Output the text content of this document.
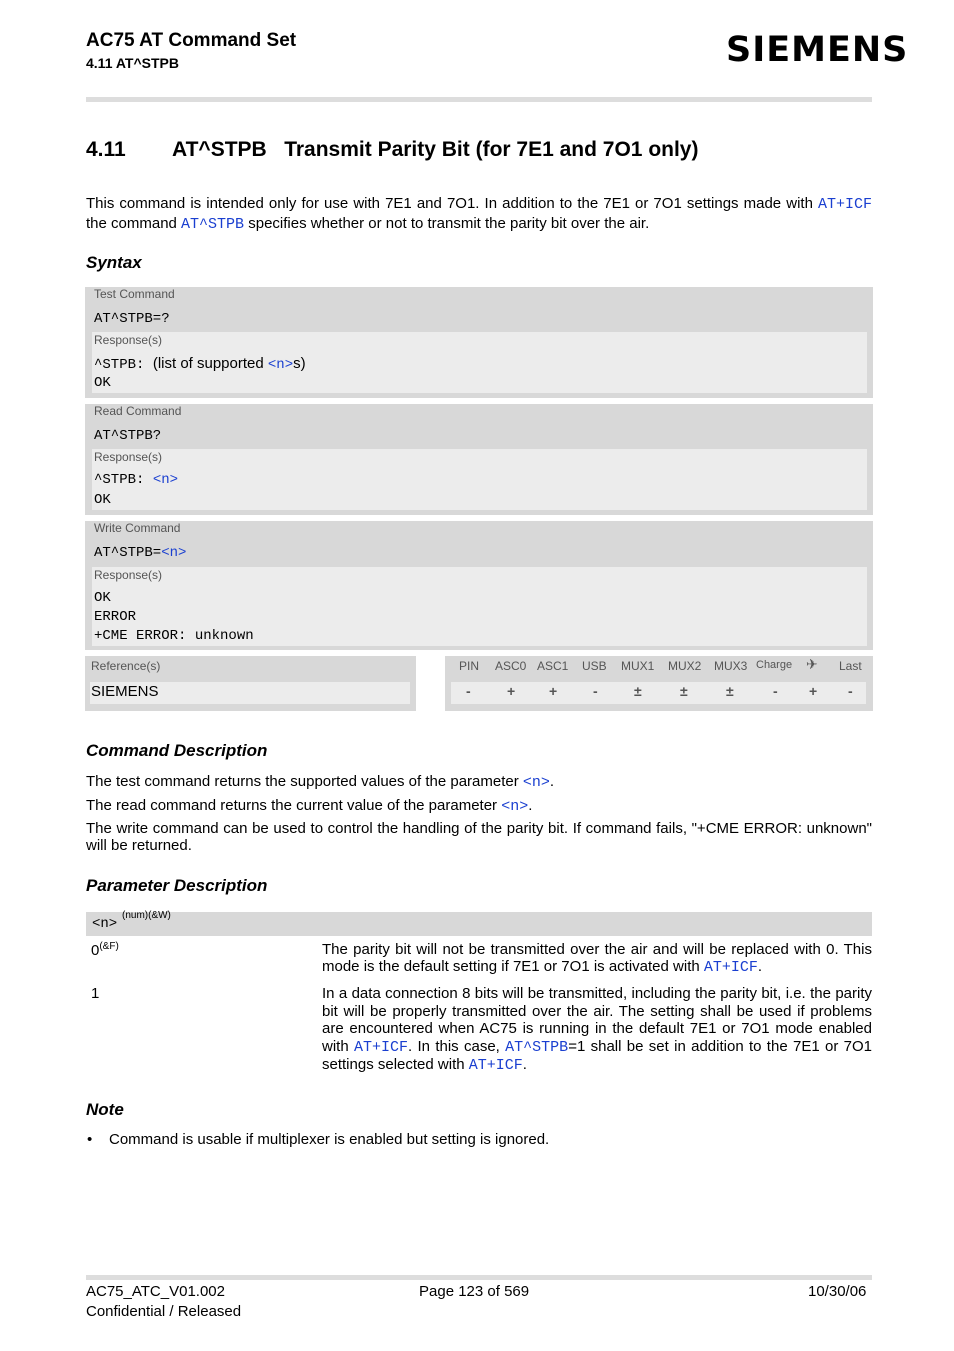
AC75 AT Command Set
4.11 AT^STPB	SIEMENS
4.11 AT^STPB   Transmit Parity Bit (for 7E1 and 7O1 only)
This command is intended only for use with 7E1 and 7O1. In addition to the 7E1 or 7O1 settings made with AT+ICF the command AT^STPB specifies whether or not to transmit the parity bit over the air.
Syntax
Test Command
AT^STPB=?
Response(s)
^STPB: (list of supported <n>s)
OK
Read Command
AT^STPB?
Response(s)
^STPB: <n>
OK
Write Command
AT^STPB=<n>
Response(s)
OK
ERROR
+CME ERROR: unknown
Reference(s)
SIEMENS
PIN ASC0 ASC1 USB MUX1 MUX2 MUX3 Charge ✈ Last
-	+ +	-	±	±	±	- + -
Command Description
The test command returns the supported values of the parameter <n>.
The read command returns the current value of the parameter <n>.
The write command can be used to control the handling of the parity bit. If command fails, "+CME ERROR: unknown" will be returned.
Parameter Description
<n>
(num)(&W)
$0^{(\&F)}$	The parity bit will not be transmitted over the air and will be replaced with 0. This mode is the default setting if 7E1 or 7O1 is activated with AT+ICF.
1	In a data connection 8 bits will be transmitted, including the parity bit, i.e. the parity bit will be properly transmitted over the air. The setting shall be used if problems are encountered when AC75 is running in the default 7E1 or 7O1 mode enabled with AT+ICF. In this case, AT^STPB=1 shall be set in addition to the 7E1 or 7O1 settings selected with AT+ICF.
Note
• Command is usable if multiplexer is enabled but setting is ignored.
AC75_ATC_V01.002
Confidential / Released
Page 123 of 569	10/30/06
